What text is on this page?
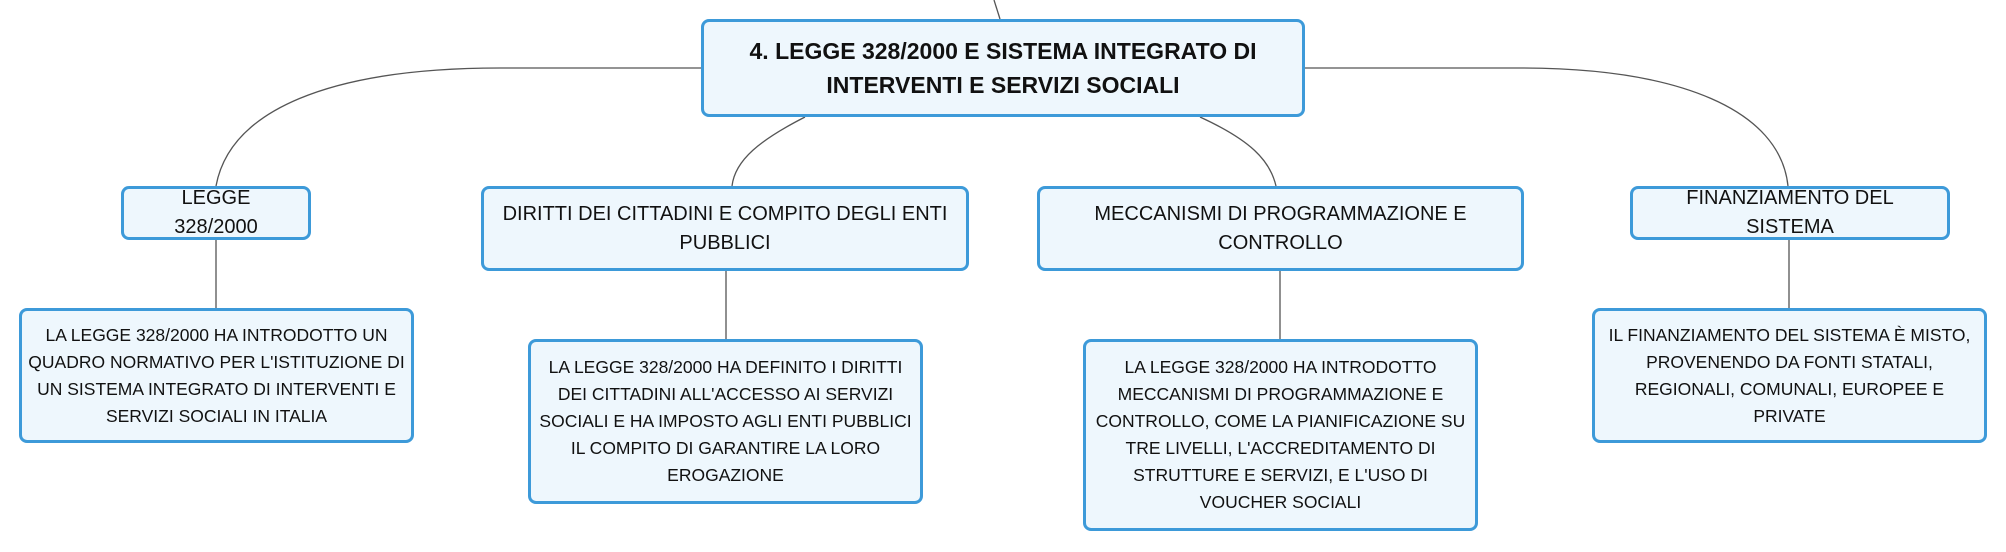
4. LEGGE 328/2000 E SISTEMA INTEGRATO DI INTERVENTI E SERVIZI SOCIALI
LEGGE 328/2000
DIRITTI DEI CITTADINI E COMPITO DEGLI ENTI PUBBLICI
MECCANISMI DI PROGRAMMAZIONE E CONTROLLO
FINANZIAMENTO DEL SISTEMA
LA LEGGE 328/2000 HA INTRODOTTO UN QUADRO NORMATIVO PER L'ISTITUZIONE DI UN SISTEMA INTEGRATO DI INTERVENTI E SERVIZI SOCIALI IN ITALIA
LA LEGGE 328/2000 HA DEFINITO I DIRITTI DEI CITTADINI ALL'ACCESSO AI SERVIZI SOCIALI E HA IMPOSTO AGLI ENTI PUBBLICI IL COMPITO DI GARANTIRE LA LORO EROGAZIONE
LA LEGGE 328/2000 HA INTRODOTTO MECCANISMI DI PROGRAMMAZIONE E CONTROLLO, COME LA PIANIFICAZIONE SU TRE LIVELLI, L'ACCREDITAMENTO DI STRUTTURE E SERVIZI, E L'USO DI VOUCHER SOCIALI
IL FINANZIAMENTO DEL SISTEMA È MISTO, PROVENENDO DA FONTI STATALI, REGIONALI, COMUNALI, EUROPEE E PRIVATE
